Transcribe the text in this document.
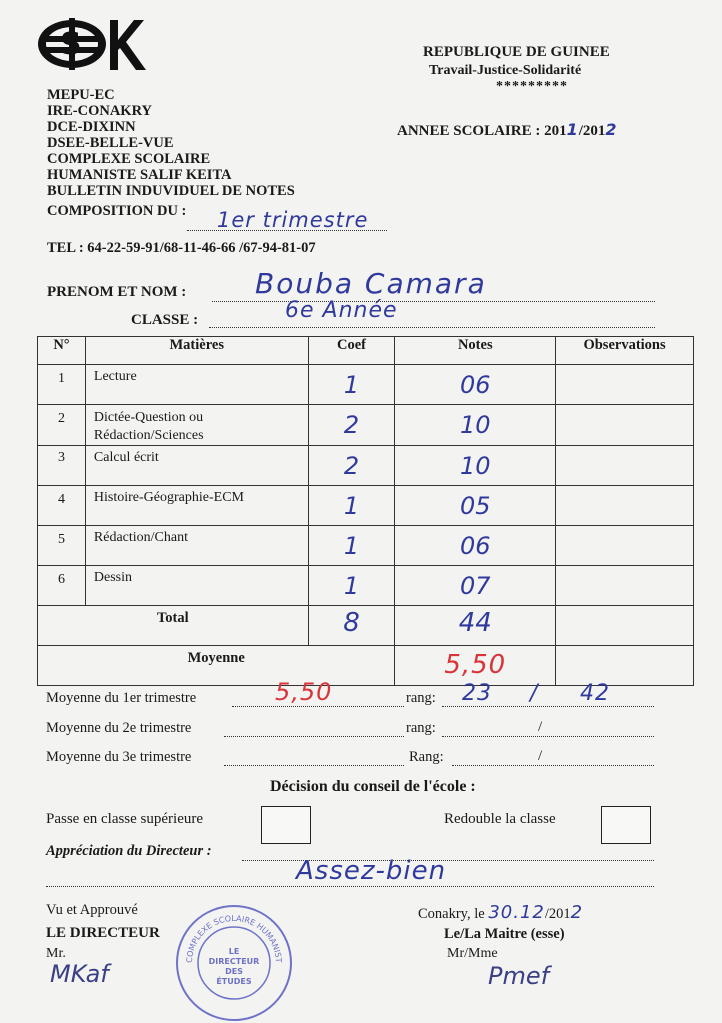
S	REPUBLIQUE DE GUINEE
Travail-Justice-Solidarité
*********
ANNEE SCOLAIRE : 2011/2012
MEPU-EC
IRE-CONAKRY
DCE-DIXINN
DSEE-BELLE-VUE
COMPLEXE SCOLAIRE
HUMANISTE SALIF KEITA
BULLETIN INDUVIDUEL DE NOTES
COMPOSITION DU : 1er trimestre
TEL : 64-22-59-91/68-11-46-66 /67-94-81-07
PRENOM ET NOM : Bouba Camara
CLASSE :	6e Année
N°	Matières	Coef	Notes	Observations
1	Lecture	1	06	

2	Dictée-Question ou
Rédaction/Sciences	2	10	

3	Calcul écrit	2	10	

4	Histoire-Géographie-ECM	1	05	

5	Rédaction/Chant	1	06	

6	Dessin	1	07	

Total		8	44	

Moyenne			5,50	

Moyenne du 1er trimestre	5,50	rang: 23 / 42
Moyenne du 2e trimestre	rang:	/
Moyenne du 3e trimestre	Rang:	/
Décision du conseil de l'école :
Passe en classe supérieure	Redouble la classe
Appréciation du Directeur :
Assez-bien
Vu et Approuvé
LE DIRECTEUR
Mr.
MKaf	COMPLEXE SCOLAIRE HUMANIST
LE DIRECTEUR DES ÉTUDES
Conakry, le 30.12/2012
Le/La Maitre (esse)
Mr/Mme
Pmef
